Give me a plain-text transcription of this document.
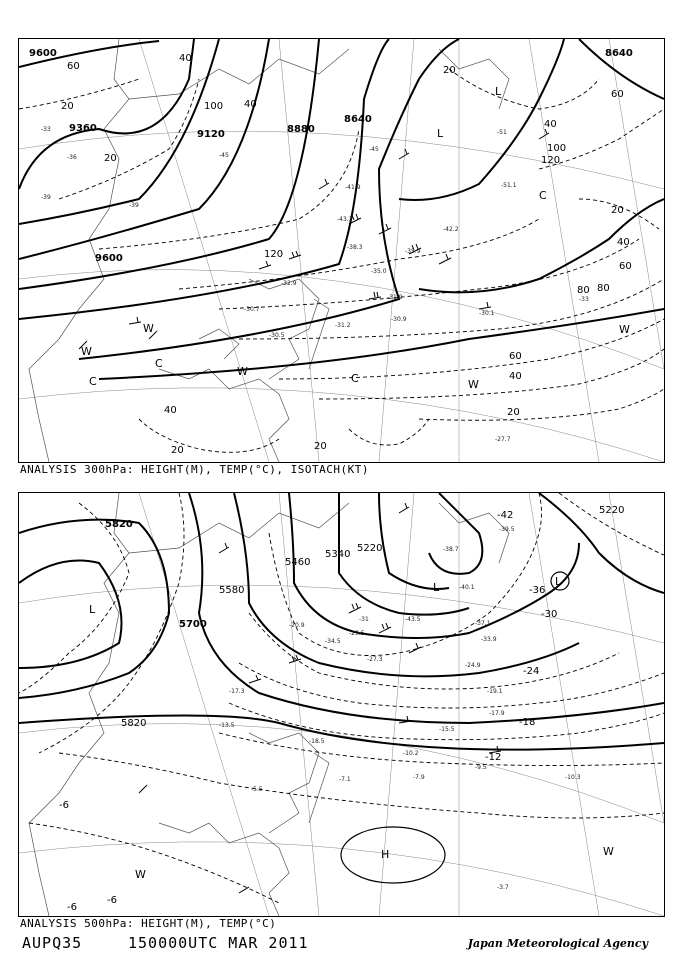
9600
9360
9120	8880
8640
8640
9600
60
40
20
100
120
40
80
20
40
60
40
20	20
20
20
60
40
80
100
120
20
40
60
-33
-36
-39
-39
-45
-45
-51
-51.1
-41.9
-43.3
-38.3
-35.0
-32.9
-30.7
-31.9
-31.2
-30.9
-30.1
-30.5
-27.7
-42.2
-35.9
-33
L
L
W
W
W
W
C
C	C
W
C
ANALYSIS 300hPa: HEIGHT(M), TEMP(°C), ISOTACH(KT)
5820
5700
5580
5460
5340
5220
5820
5220
-42
-36
-30
-24
-18
-12
-6
-6
-6
-39.5
-38.7
-40.1
-43.5
-37.1
-33.9
-24.9
-19.1
-17.9
-15.5
-10.2
-9.5
-10.3
-7.9
-5.5
-7.1
-3.7
-13.5
-18.5
-17.3
-20.9
-27.3
-29.5
-31
-34.5
L
L	L
H	W
W
ANALYSIS 500hPa: HEIGHT(M), TEMP(°C)
AUPQ35	150000UTC MAR 2011	Japan Meteorological Agency
